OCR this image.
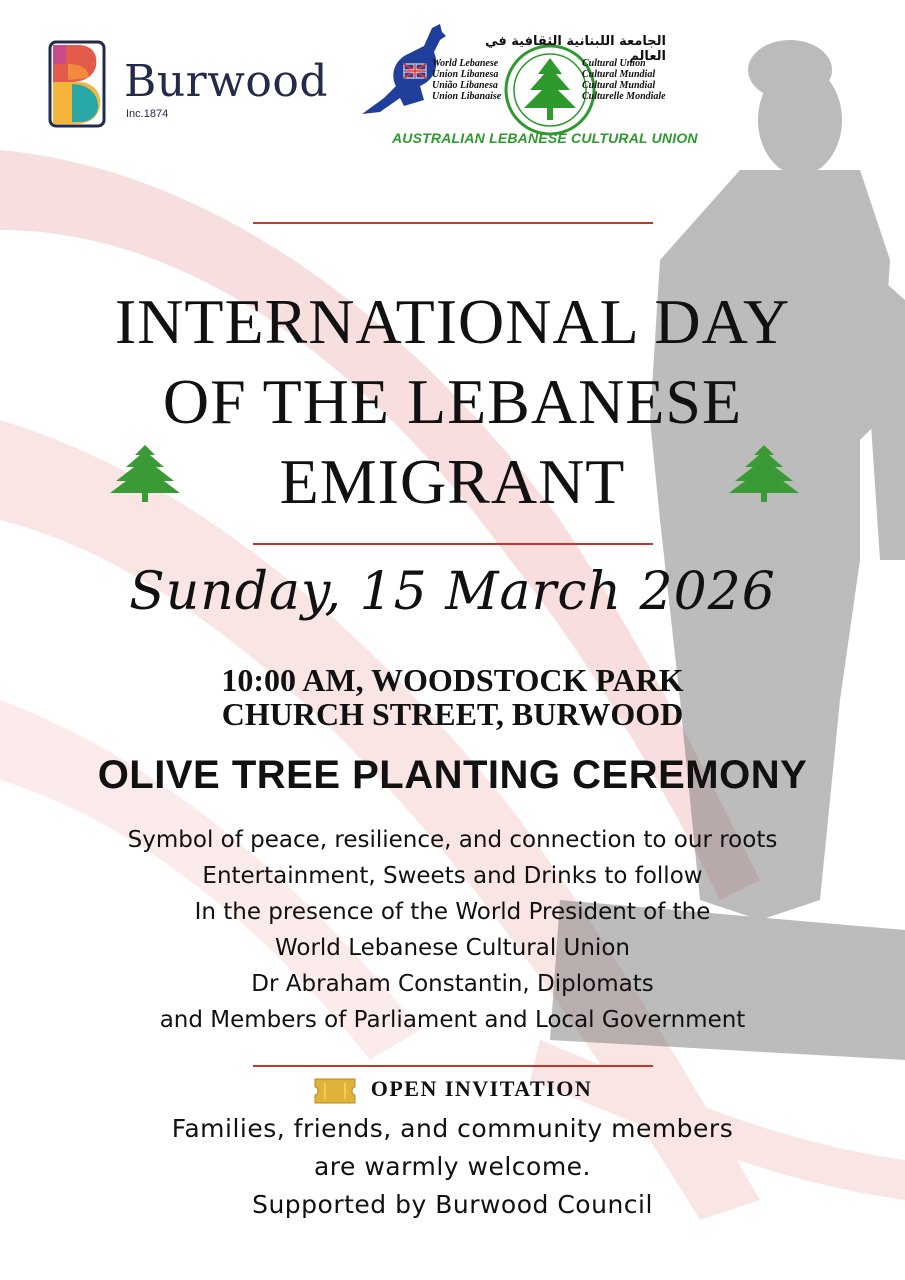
Burwood
Inc.1874
الجامعة اللبنانية الثقافية في العالم
World Lebanese
Union Libanesa
União Libanesa
Union Libanaise
Cultural Union
Cultural Mundial
Cultural Mundial
Culturelle Mondiale
AUSTRALIAN LEBANESE CULTURAL UNION
INTERNATIONAL DAY
OF THE LEBANESE
EMIGRANT
Sunday, 15 March 2026
10:00 AM, WOODSTOCK PARK
CHURCH STREET, BURWOOD
OLIVE TREE PLANTING CEREMONY
Symbol of peace, resilience, and connection to our roots
Entertainment, Sweets and Drinks to follow
In the presence of the World President of the
World Lebanese Cultural Union
Dr Abraham Constantin, Diplomats
and Members of Parliament and Local Government
OPEN INVITATION
Families, friends, and community members
are warmly welcome.
Supported by Burwood Council
